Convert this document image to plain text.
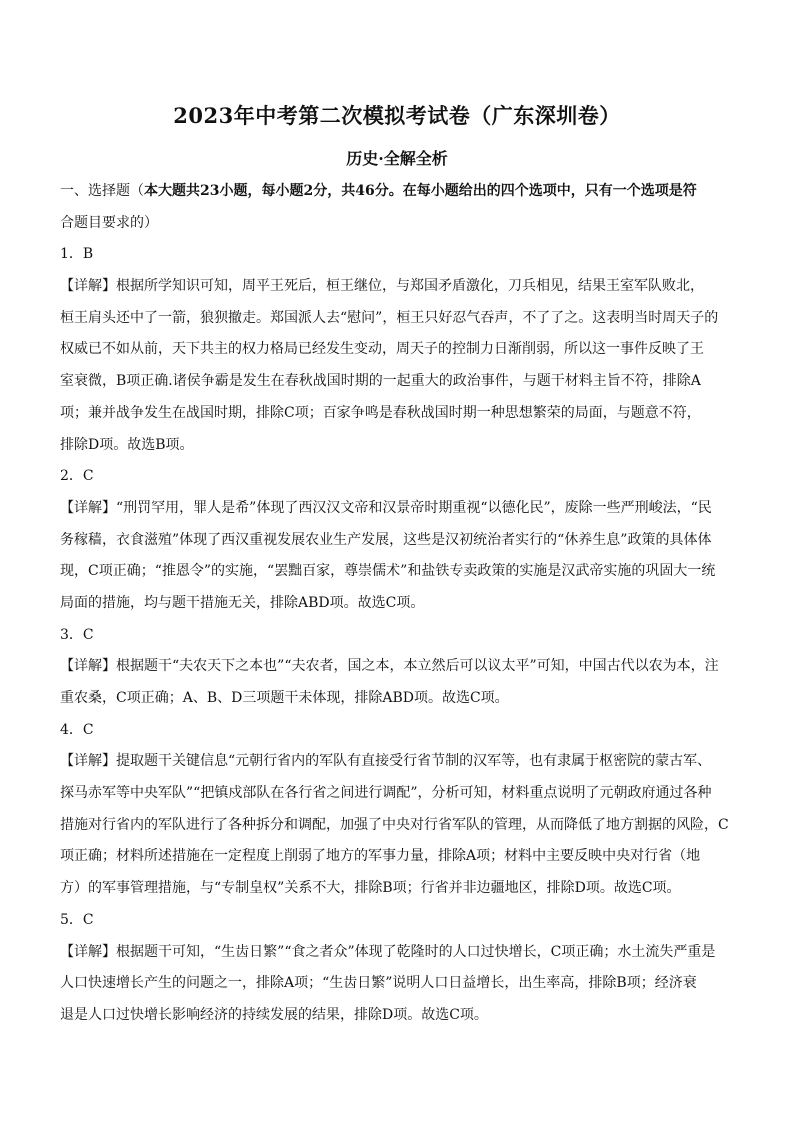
2023年中考第二次模拟考试卷（广东深圳卷）
历史·全解全析
一、选择题（本大题共23小题，每小题2分，共46分。在每小题给出的四个选项中，只有一个选项是符
合题目要求的）
1．B
【详解】根据所学知识可知，周平王死后，桓王继位，与郑国矛盾激化，刀兵相见，结果王室军队败北，
桓王肩头还中了一箭，狼狈撤走。郑国派人去“慰问”，桓王只好忍气吞声，不了了之。这表明当时周天子的
权威已不如从前，天下共主的权力格局已经发生变动，周天子的控制力日渐削弱，所以这一事件反映了王
室衰微，B项正确.诸侯争霸是发生在春秋战国时期的一起重大的政治事件，与题干材料主旨不符，排除A
项；兼并战争发生在战国时期，排除C项；百家争鸣是春秋战国时期一种思想繁荣的局面，与题意不符，
排除D项。故选B项。
2．C
【详解】“刑罚罕用，罪人是希”体现了西汉汉文帝和汉景帝时期重视“以德化民”，废除一些严刑峻法，“民
务稼穑，衣食滋殖”体现了西汉重视发展农业生产发展，这些是汉初统治者实行的“休养生息”政策的具体体
现，C项正确；“推恩令”的实施，“罢黜百家，尊崇儒术”和盐铁专卖政策的实施是汉武帝实施的巩固大一统
局面的措施，均与题干措施无关，排除ABD项。故选C项。
3．C
【详解】根据题干“夫农天下之本也”“夫农者，国之本，本立然后可以议太平”可知，中国古代以农为本，注
重农桑，C项正确；A、B、D三项题干未体现，排除ABD项。故选C项。
4．C
【详解】提取题干关键信息“元朝行省内的军队有直接受行省节制的汉军等，也有隶属于枢密院的蒙古军、
探马赤军等中央军队”“把镇戍部队在各行省之间进行调配”，分析可知，材料重点说明了元朝政府通过各种
措施对行省内的军队进行了各种拆分和调配，加强了中央对行省军队的管理，从而降低了地方割据的风险，C
项正确；材料所述措施在一定程度上削弱了地方的军事力量，排除A项；材料中主要反映中央对行省（地
方）的军事管理措施，与“专制皇权”关系不大，排除B项；行省并非边疆地区，排除D项。故选C项。
5．C
【详解】根据题干可知，“生齿日繁”“食之者众”体现了乾隆时的人口过快增长，C项正确；水土流失严重是
人口快速增长产生的问题之一，排除A项；“生齿日繁”说明人口日益增长，出生率高，排除B项；经济衰
退是人口过快增长影响经济的持续发展的结果，排除D项。故选C项。
